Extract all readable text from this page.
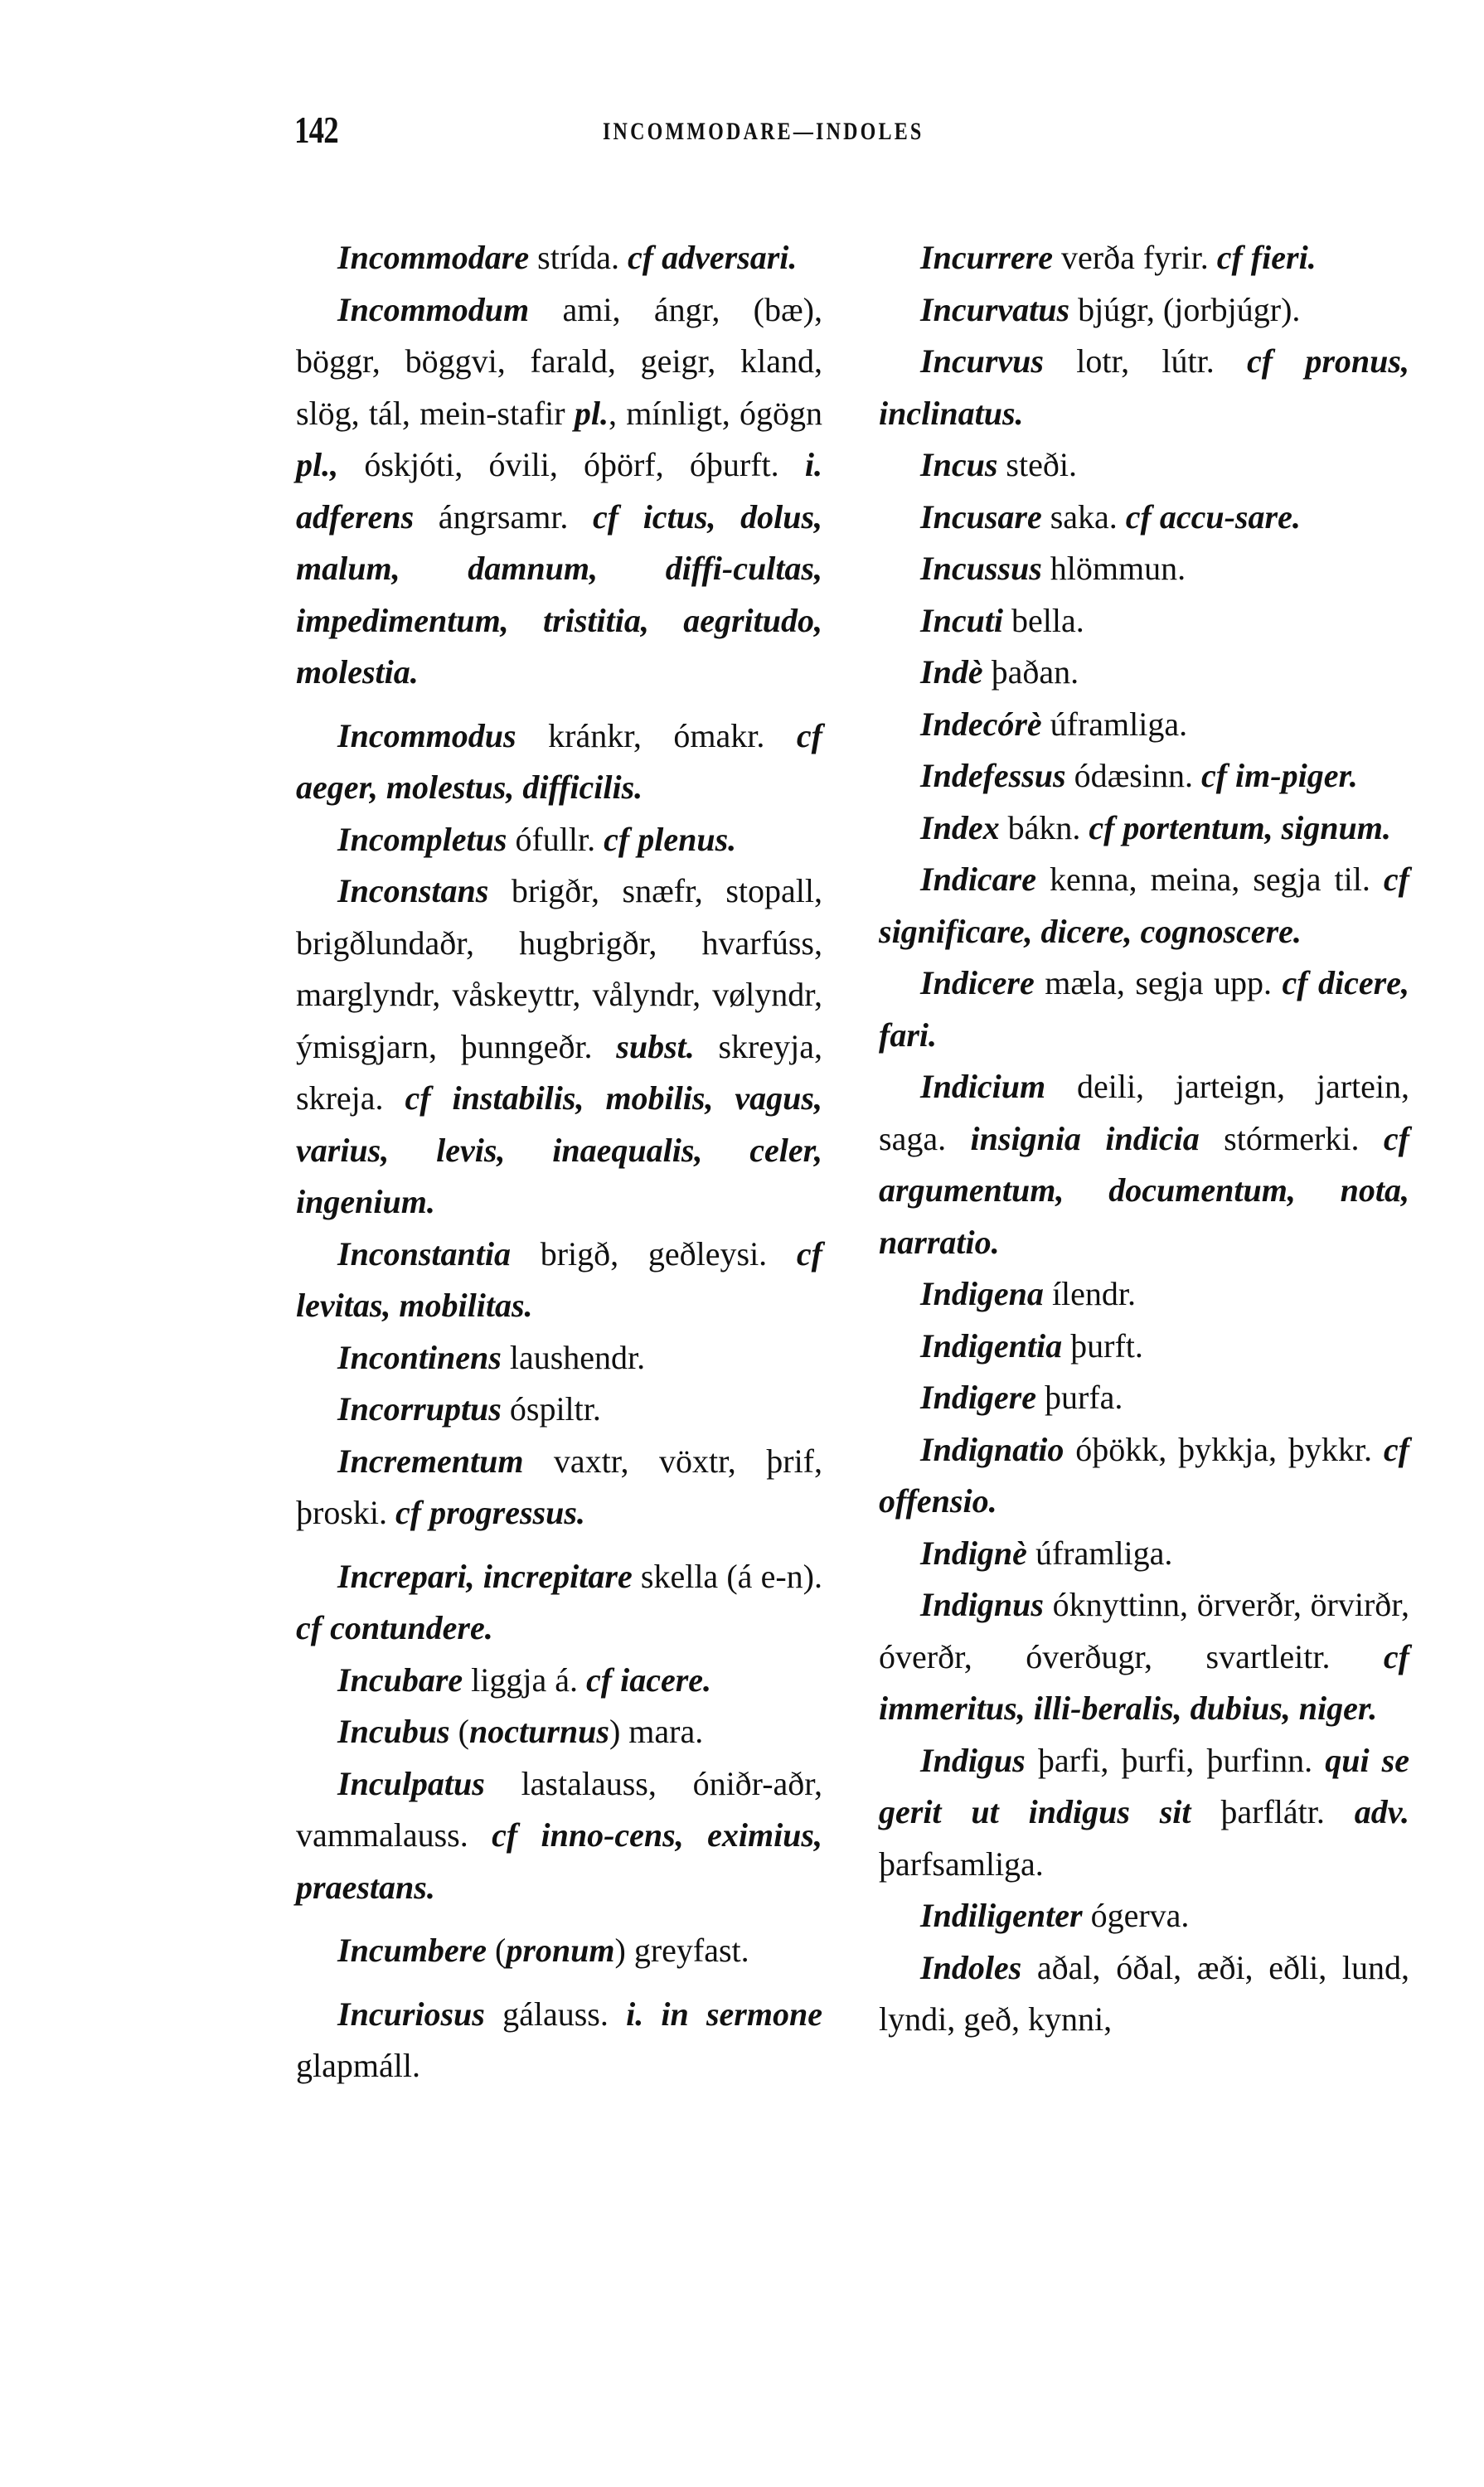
142	INCOMMODARE—INDOLES

Incommodare strída. cf adversari.

Incommodum ami, ángr, (bæ), böggr, böggvi, farald, geigr, kland, slög, tál, mein-stafir pl., mínligt, ógögn pl., óskjóti, óvili, óþörf, óþurft. i. adferens ángrsamr. cf ictus, dolus, malum, damnum, diffi-cultas, impedimentum, tristitia, aegritudo, molestia.

Incommodus kránkr, ómakr. cf aeger, molestus, difficilis.

Incompletus ófullr. cf plenus.

Inconstans brigðr, snæfr, stopall, brigðlundaðr, hugbrigðr, hvarfúss, marglyndr, våskeyttr, vålyndr, vølyndr, ýmisgjarn, þunngeðr. subst. skreyja, skreja. cf instabilis, mobilis, vagus, varius, levis, inaequalis, celer, ingenium.

Inconstantia brigð, geðleysi. cf levitas, mobilitas.

Incontinens laushendr.

Incorruptus óspiltr.

Incrementum vaxtr, vöxtr, þrif, þroski. cf progressus.

Increpari, increpitare skella (á e-n). cf contundere.

Incubare liggja á. cf iacere.

Incubus (nocturnus) mara.

Inculpatus lastalauss, óniðr-aðr, vammalauss. cf inno-cens, eximius, praestans.

Incumbere (pronum) greyfast.

Incuriosus gálauss. i. in sermone glapmáll.

Incurrere verða fyrir. cf fieri.

Incurvatus bjúgr, (jorbjúgr).

Incurvus lotr, lútr. cf pronus, inclinatus.

Incus steði.

Incusare saka. cf accu-sare.

Incussus hlömmun.

Incuti bella.

Indè þaðan.

Indecórè úframliga.

Indefessus ódæsinn. cf im-piger.

Index bákn. cf portentum, signum.

Indicare kenna, meina, segja til. cf significare, dicere, cognoscere.

Indicere mæla, segja upp. cf dicere, fari.

Indicium deili, jarteign, jartein, saga. insignia indicia stórmerki. cf argumentum, documentum, nota, narratio.

Indigena ílendr.

Indigentia þurft.

Indigere þurfa.

Indignatio óþökk, þykkja, þykkr. cf offensio.

Indignè úframliga.

Indignus óknyttinn, örverðr, örvirðr, óverðr, óverðugr, svartleitr. cf immeritus, illi-beralis, dubius, niger.

Indigus þarfi, þurfi, þurfinn. qui se gerit ut indigus sit þarflátr. adv. þarfsamliga.

Indiligenter ógerva.

Indoles aðal, óðal, æði, eðli, lund, lyndi, geð, kynni,
